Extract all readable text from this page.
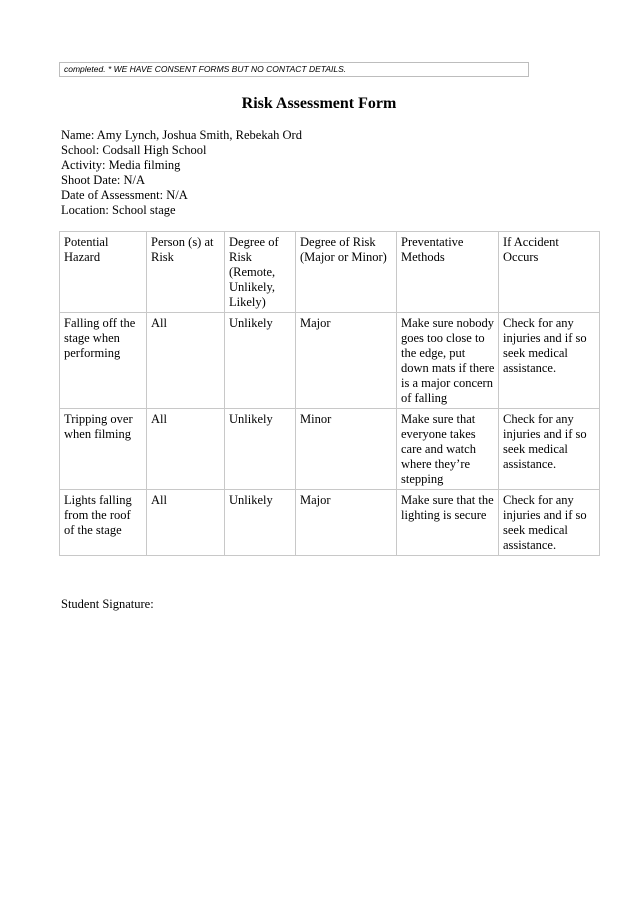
completed. * WE HAVE CONSENT FORMS BUT NO CONTACT DETAILS.
Risk Assessment Form
Name: Amy Lynch, Joshua Smith, Rebekah Ord
School: Codsall High School
Activity: Media filming
Shoot Date: N/A
Date of Assessment: N/A
Location: School stage
Potential Hazard	Person (s) at Risk	Degree of Risk (Remote, Unlikely, Likely)	Degree of Risk (Major or Minor)	Preventative Methods	If Accident Occurs
Falling off the stage when performing	All	Unlikely	Major	Make sure nobody goes too close to the edge, put down mats if there is a major concern of falling	Check for any injuries and if so seek medical assistance.
Tripping over when filming	All	Unlikely	Minor	Make sure that everyone takes care and watch where they’re stepping	Check for any injuries and if so seek medical assistance.
Lights falling from the roof of the stage	All	Unlikely	Major	Make sure that the lighting is secure	Check for any injuries and if so seek medical assistance.
Student Signature:
